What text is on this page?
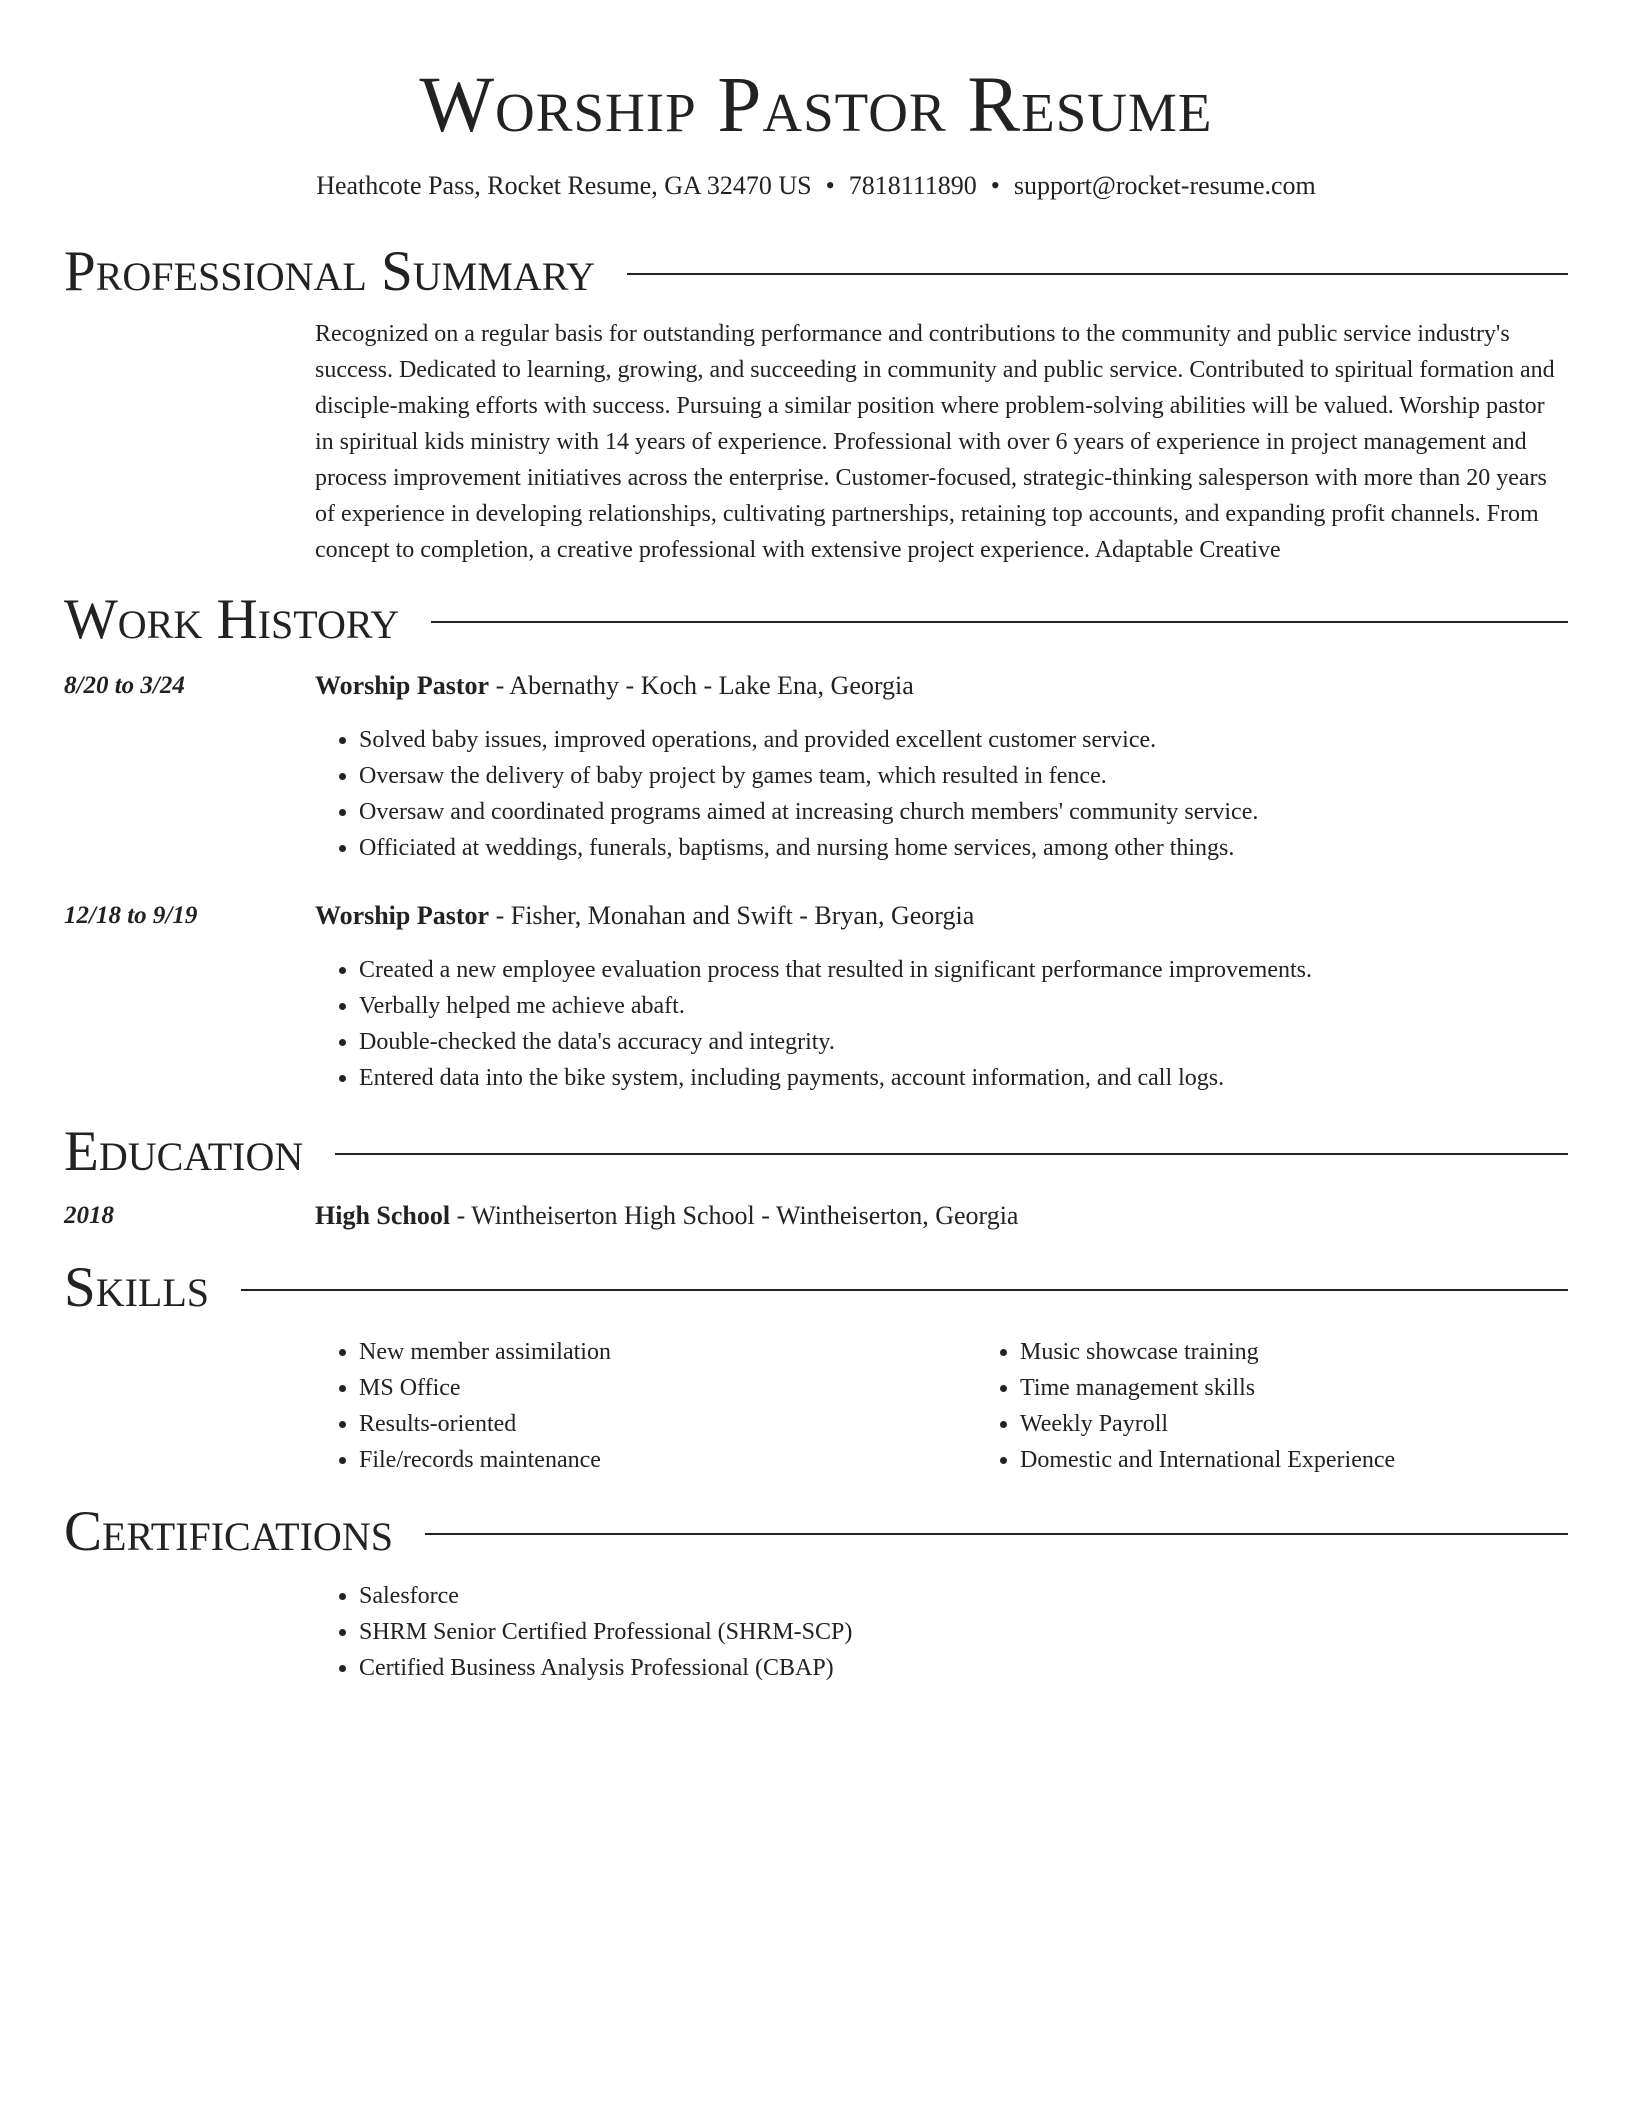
Worship Pastor Resume
Heathcote Pass, Rocket Resume, GA 32470 US • 7818111890 • support@rocket-resume.com
Professional Summary

Recognized on a regular basis for outstanding performance and contributions to the community and public service industry's success. Dedicated to learning, growing, and succeeding in community and public service. Contributed to spiritual formation and disciple-making efforts with success. Pursuing a similar position where problem-solving abilities will be valued. Worship pastor in spiritual kids ministry with 14 years of experience. Professional with over 6 years of experience in project management and process improvement initiatives across the enterprise. Customer-focused, strategic-thinking salesperson with more than 20 years of experience in developing relationships, cultivating partnerships, retaining top accounts, and expanding profit channels. From concept to completion, a creative professional with extensive project experience. Adaptable Creative

Work History
8/20 to 3/24	Worship Pastor - Abernathy - Koch - Lake Ena, Georgia
• Solved baby issues, improved operations, and provided excellent customer service.
• Oversaw the delivery of baby project by games team, which resulted in fence.
• Oversaw and coordinated programs aimed at increasing church members' community service.
• Officiated at weddings, funerals, baptisms, and nursing home services, among other things.
12/18 to 9/19	Worship Pastor - Fisher, Monahan and Swift - Bryan, Georgia
• Created a new employee evaluation process that resulted in significant performance improvements.
• Verbally helped me achieve abaft.
• Double-checked the data's accuracy and integrity.
• Entered data into the bike system, including payments, account information, and call logs.
Education
2018	High School - Wintheiserton High School - Wintheiserton, Georgia
Skills
• New member assimilation
• MS Office
• Results-oriented
• File/records maintenance
• Music showcase training
• Time management skills
• Weekly Payroll
• Domestic and International Experience
Certifications
• Salesforce
• SHRM Senior Certified Professional (SHRM-SCP)
• Certified Business Analysis Professional (CBAP)
